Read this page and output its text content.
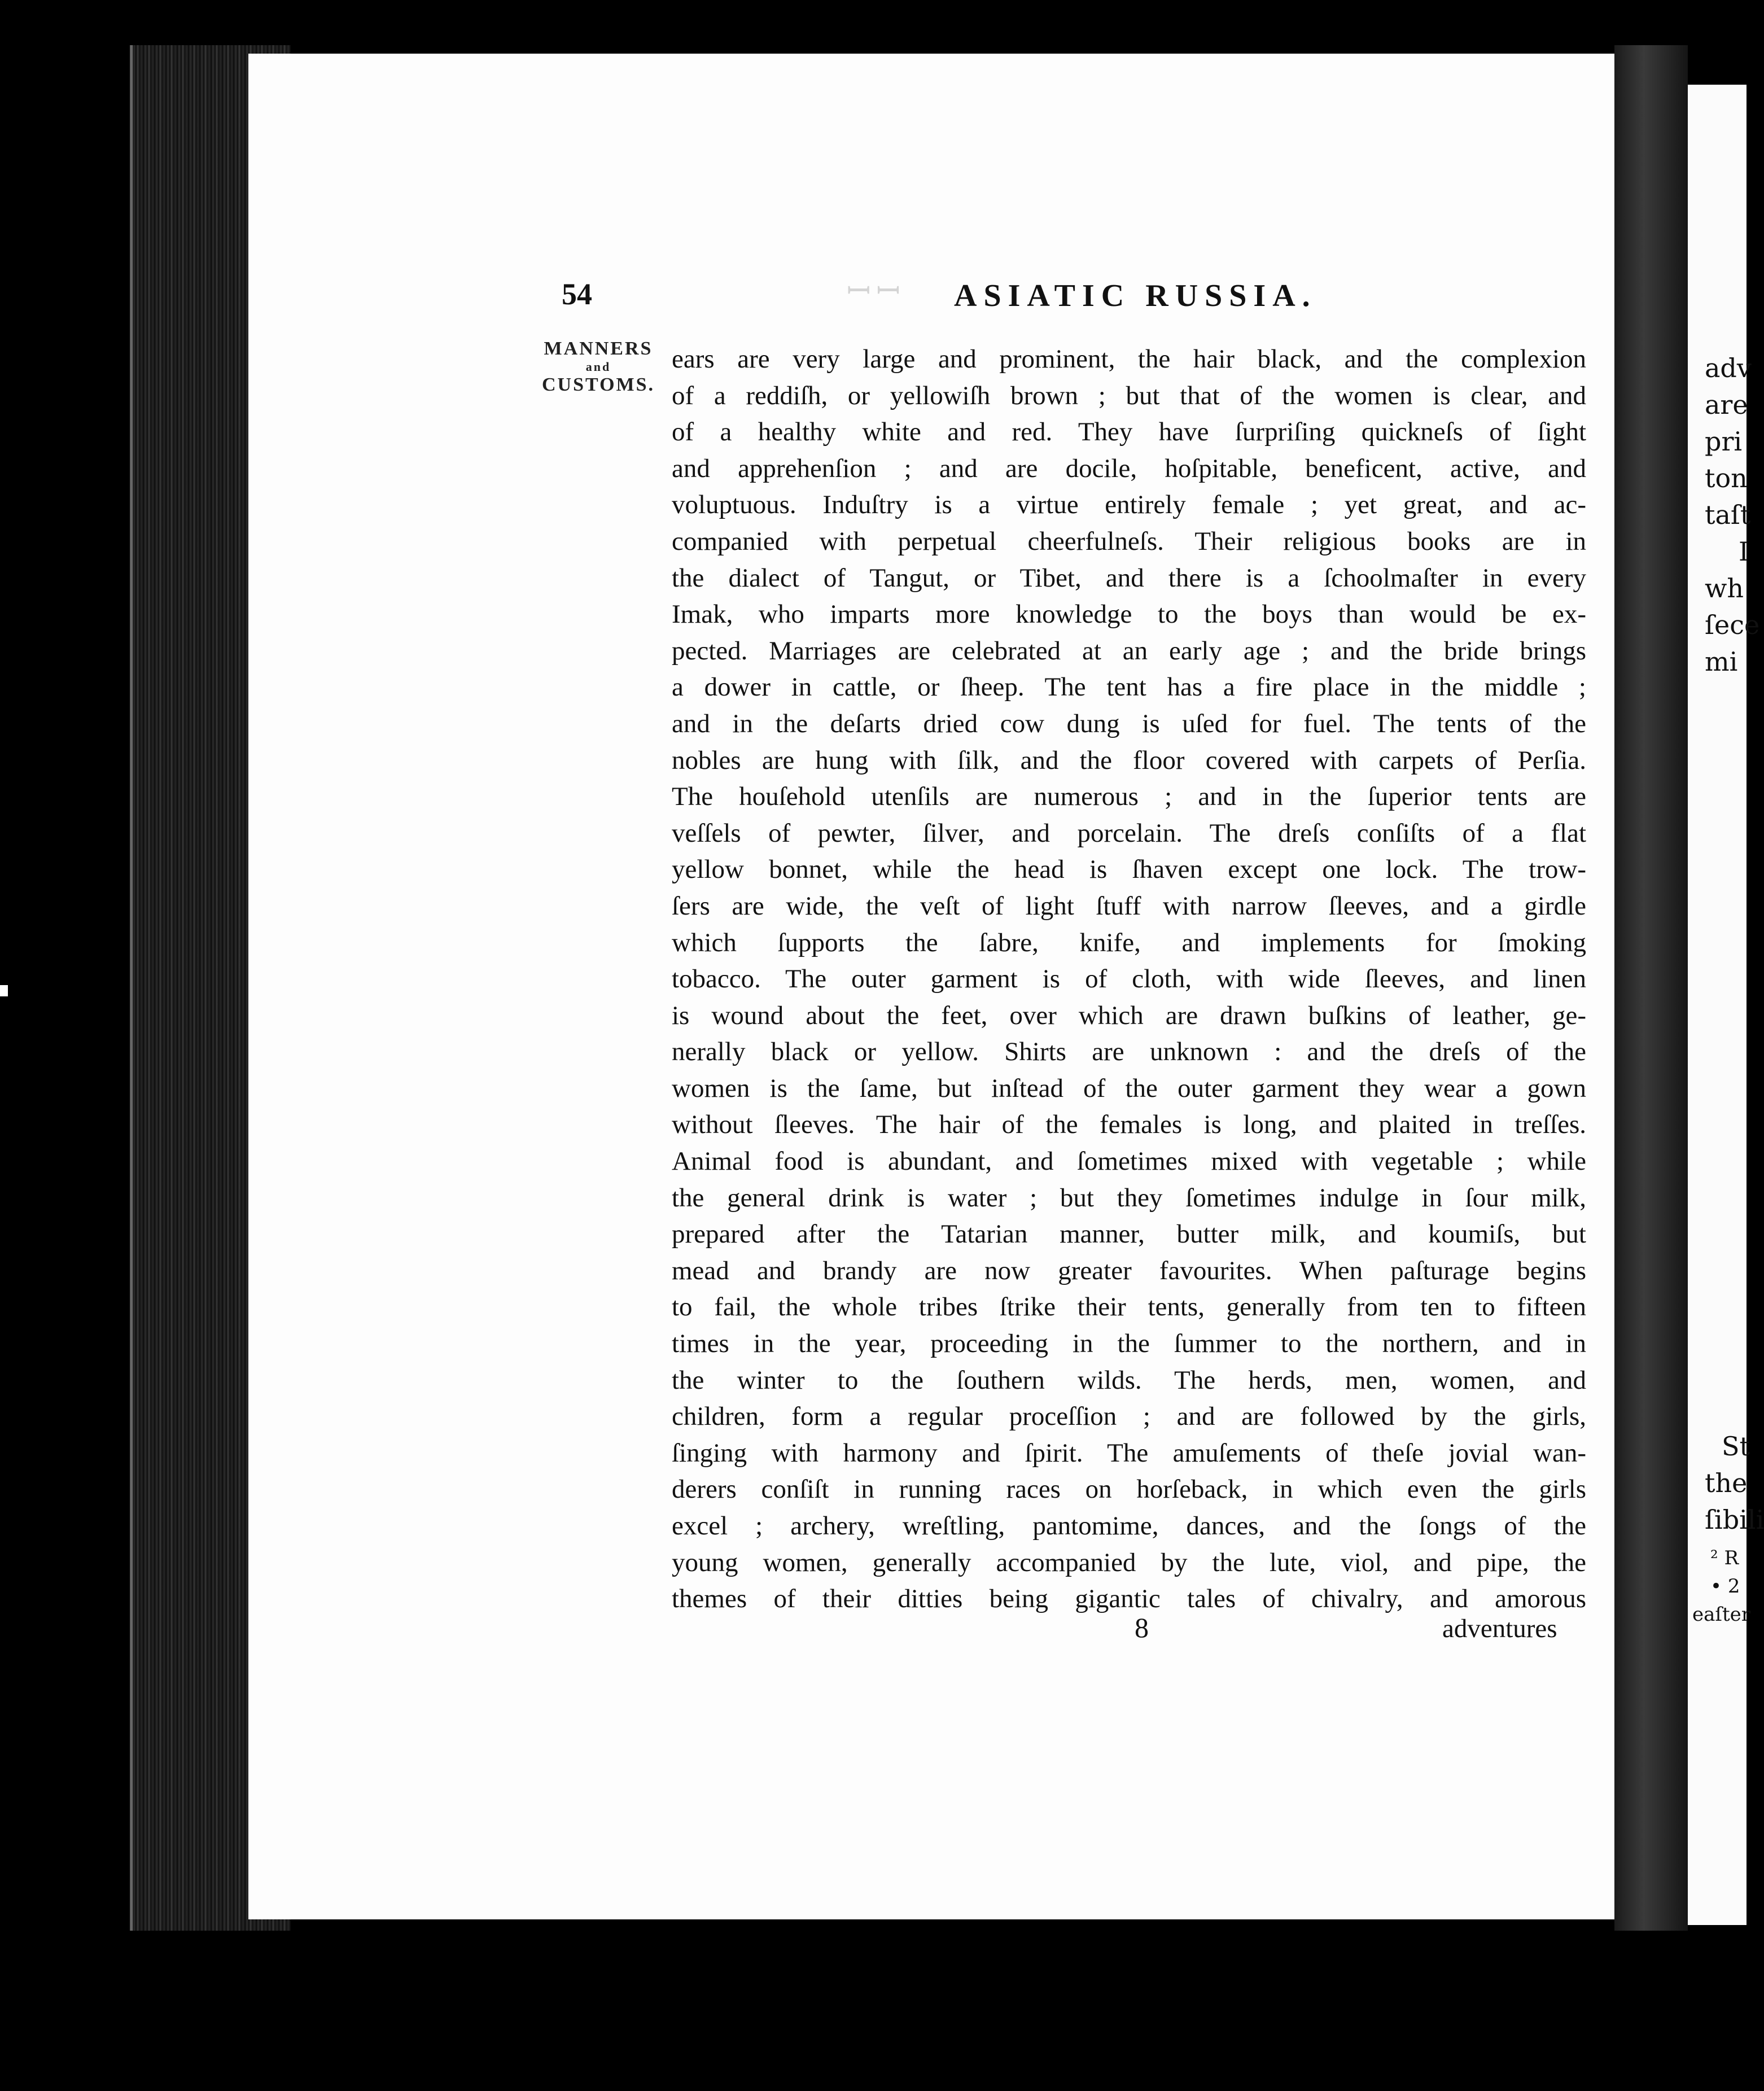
adv
are
pri
ton
taſt
I
wh
ſece
mi
St
the
ſibili
² R
• 2
eaſter
ꟷꟷ
54	ASIATIC RUSSIA.
MANNERS
and
CUSTOMS.
ears are very large and prominent, the hair black, and the complexion
of a reddiſh, or yellowiſh brown ; but that of the women is clear, and
of a healthy white and red. They have ſurpriſing quickneſs of ſight
and apprehenſion ; and are docile, hoſpitable, beneficent, active, and
voluptuous. Induſtry is a virtue entirely female ; yet great, and ac-
companied with perpetual cheerfulneſs. Their religious books are in
the dialect of Tangut, or Tibet, and there is a ſchoolmaſter in every
Imak, who imparts more knowledge to the boys than would be ex-
pected. Marriages are celebrated at an early age ; and the bride brings
a dower in cattle, or ſheep. The tent has a fire place in the middle ;
and in the deſarts dried cow dung is uſed for fuel. The tents of the
nobles are hung with ſilk, and the floor covered with carpets of Perſia.
The houſehold utenſils are numerous ; and in the ſuperior tents are
veſſels of pewter, ſilver, and porcelain. The dreſs conſiſts of a flat
yellow bonnet, while the head is ſhaven except one lock. The trow-
ſers are wide, the veſt of light ſtuff with narrow ſleeves, and a girdle
which ſupports the ſabre, knife, and implements for ſmoking
tobacco. The outer garment is of cloth, with wide ſleeves, and linen
is wound about the feet, over which are drawn buſkins of leather, ge-
nerally black or yellow. Shirts are unknown : and the dreſs of the
women is the ſame, but inſtead of the outer garment they wear a gown
without ſleeves. The hair of the females is long, and plaited in treſſes.
Animal food is abundant, and ſometimes mixed with vegetable ; while
the general drink is water ; but they ſometimes indulge in ſour milk,
prepared after the Tatarian manner, butter milk, and koumiſs, but
mead and brandy are now greater favourites. When paſturage begins
to fail, the whole tribes ſtrike their tents, generally from ten to fifteen
times in the year, proceeding in the ſummer to the northern, and in
the winter to the ſouthern wilds. The herds, men, women, and
children, form a regular proceſſion ; and are followed by the girls,
ſinging with harmony and ſpirit. The amuſements of theſe jovial wan-
derers conſiſt in running races on horſeback, in which even the girls
excel ; archery, wreſtling, pantomime, dances, and the ſongs of the
young women, generally accompanied by the lute, viol, and pipe, the
themes of their ditties being gigantic tales of chivalry, and amorous
8	adventures
